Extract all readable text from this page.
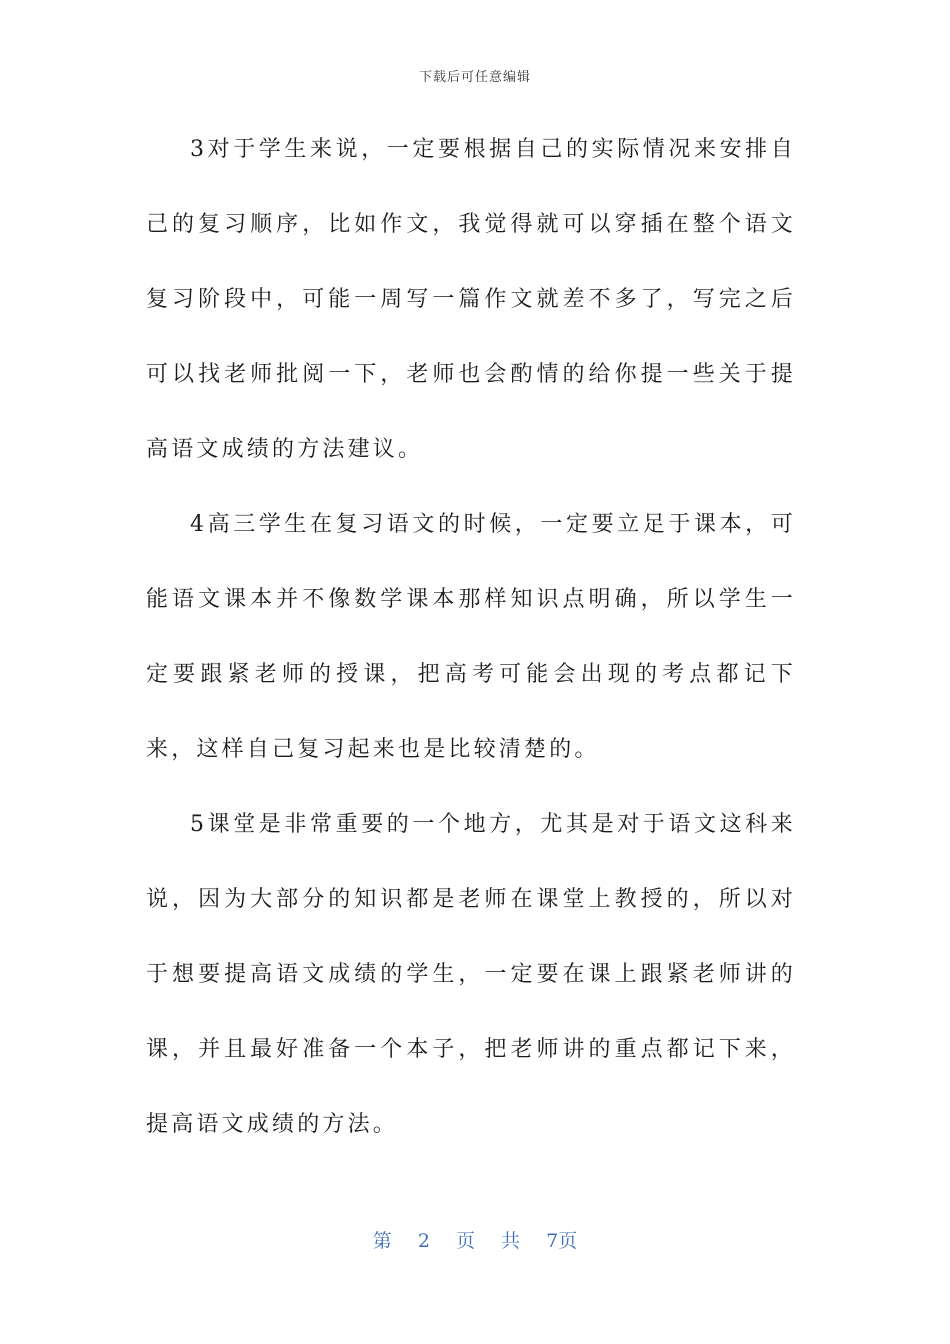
下载后可任意编辑

3对于学生来说，一定要根据自己的实际情况来安排自己的复习顺序，比如作文，我觉得就可以穿插在整个语文复习阶段中，可能一周写一篇作文就差不多了，写完之后可以找老师批阅一下，老师也会酌情的给你提一些关于提高语文成绩的方法建议。

4高三学生在复习语文的时候，一定要立足于课本，可能语文课本并不像数学课本那样知识点明确，所以学生一定要跟紧老师的授课，把高考可能会出现的考点都记下来，这样自己复习起来也是比较清楚的。

5课堂是非常重要的一个地方，尤其是对于语文这科来说，因为大部分的知识都是老师在课堂上教授的，所以对于想要提高语文成绩的学生，一定要在课上跟紧老师讲的课，并且最好准备一个本子，把老师讲的重点都记下来，提高语文成绩的方法。

第 2 页 共 7页
